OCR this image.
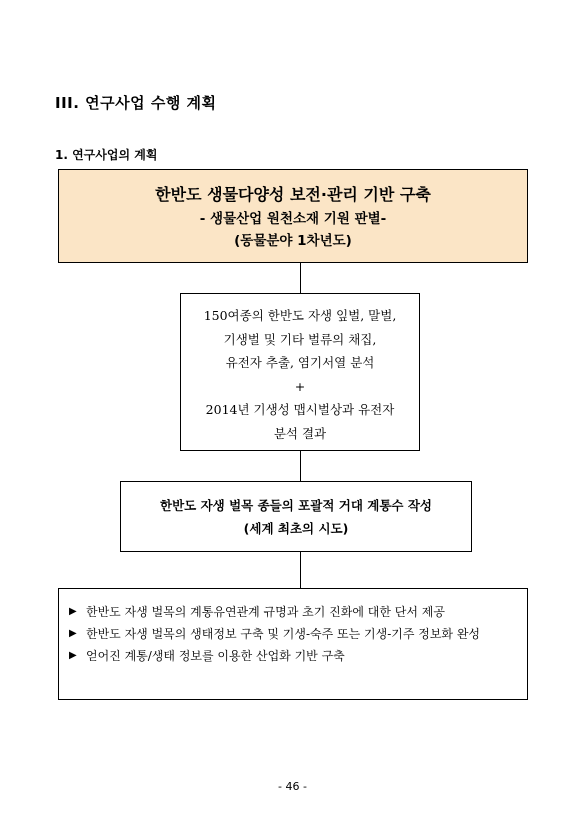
III. 연구사업 수행 계획
1. 연구사업의 계획
한반도 생물다양성 보전·관리 기반 구축
- 생물산업 원천소재 기원 판별-
(동물분야 1차년도)
150여종의 한반도 자생 잎벌, 말벌,
기생벌 및 기타 벌류의 채집,
유전자 추출, 염기서열 분석
+
2014년 기생성 맵시벌상과 유전자
분석 결과
한반도 자생 벌목 종들의 포괄적 거대 계통수 작성
(세계 최초의 시도)
▶ 한반도 자생 벌목의 계통유연관계 규명과 초기 진화에 대한 단서 제공
▶ 한반도 자생 벌목의 생태정보 구축 및 기생-숙주 또는 기생-기주 정보화 완성
▶ 얻어진 계통/생태 정보를 이용한 산업화 기반 구축
- 46 -
